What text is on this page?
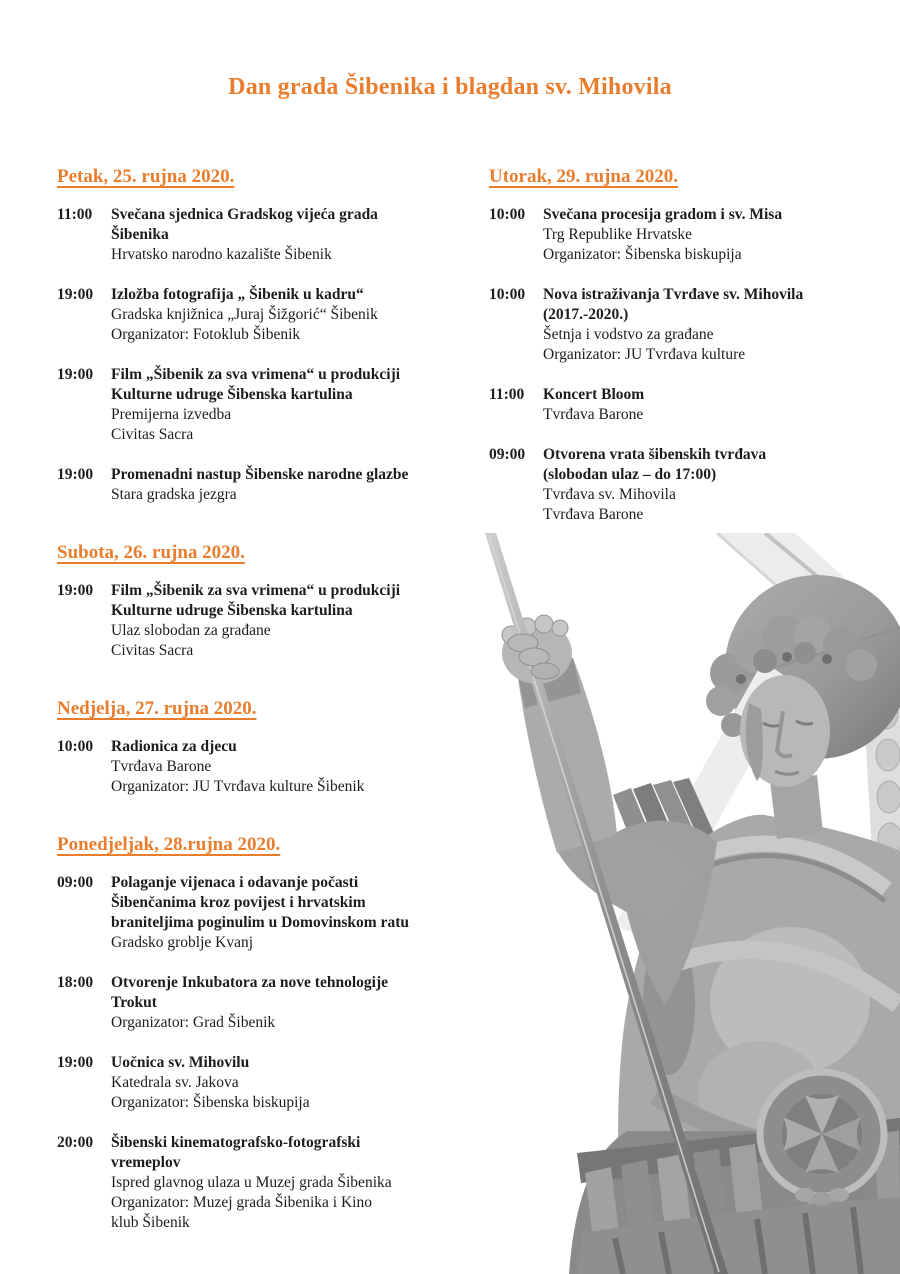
Dan grada Šibenika i blagdan sv. Mihovila
Petak, 25. rujna 2020.
11:00	Svečana sjednica Gradskog vijeća grada
Šibenika
Hrvatsko narodno kazalište Šibenik
19:00	Izložba fotografija „ Šibenik u kadru“
Gradska knjižnica „Juraj Šižgorić“ Šibenik
Organizator: Fotoklub Šibenik
19:00	Film „Šibenik za sva vrimena“ u produkciji
Kulturne udruge Šibenska kartulina
Premijerna izvedba
Civitas Sacra
19:00	Promenadni nastup Šibenske narodne glazbe
Stara gradska jezgra
Subota, 26. rujna 2020.
19:00	Film „Šibenik za sva vrimena“ u produkciji
Kulturne udruge Šibenska kartulina
Ulaz slobodan za građane
Civitas Sacra
Nedjelja, 27. rujna 2020.
10:00	Radionica za djecu
Tvrđava Barone
Organizator: JU Tvrđava kulture Šibenik
Ponedjeljak, 28.rujna 2020.
09:00	Polaganje vijenaca i odavanje počasti
Šibenčanima kroz povijest i hrvatskim
braniteljima poginulim u Domovinskom ratu
Gradsko groblje Kvanj
18:00	Otvorenje Inkubatora za nove tehnologije
Trokut
Organizator: Grad Šibenik
19:00	Uočnica sv. Mihovilu
Katedrala sv. Jakova
Organizator: Šibenska biskupija
20:00	Šibenski kinematografsko-fotografski
vremeplov
Ispred glavnog ulaza u Muzej grada Šibenika
Organizator: Muzej grada Šibenika i Kino
klub Šibenik
Utorak, 29. rujna 2020.
10:00	Svečana procesija gradom i sv. Misa
Trg Republike Hrvatske
Organizator: Šibenska biskupija
10:00	Nova istraživanja Tvrđave sv. Mihovila
(2017.-2020.)
Šetnja i vodstvo za građane
Organizator: JU Tvrđava kulture
11:00	Koncert Bloom
Tvrđava Barone
09:00	Otvorena vrata šibenskih tvrđava
(slobodan ulaz – do 17:00)
Tvrđava sv. Mihovila
Tvrđava Barone
